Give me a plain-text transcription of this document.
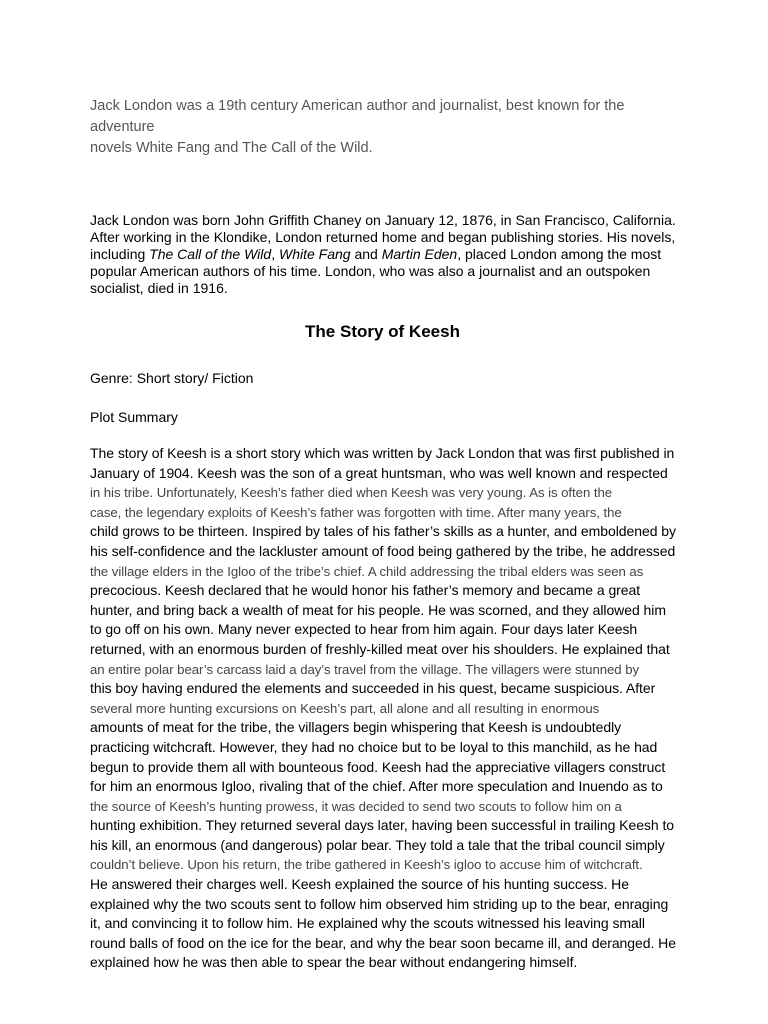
Jack London was a 19th century American author and journalist, best known for the adventure
novels White Fang and The Call of the Wild.
Jack London was born John Griffith Chaney on January 12, 1876, in San Francisco, California.
After working in the Klondike, London returned home and began publishing stories. His novels,
including The Call of the Wild, White Fang and Martin Eden, placed London among the most
popular American authors of his time. London, who was also a journalist and an outspoken
socialist, died in 1916.
The Story of Keesh
Genre: Short story/ Fiction
Plot Summary
The story of Keesh is a short story which was written by Jack London that was first published in
January of 1904. Keesh was the son of a great huntsman, who was well known and respected
in his tribe. Unfortunately, Keesh’s father died when Keesh was very young. As is often the
case, the legendary exploits of Keesh’s father was forgotten with time. After many years, the
child grows to be thirteen. Inspired by tales of his father’s skills as a hunter, and emboldened by
his self-confidence and the lackluster amount of food being gathered by the tribe, he addressed
the village elders in the Igloo of the tribe’s chief. A child addressing the tribal elders was seen as
precocious. Keesh declared that he would honor his father’s memory and became a great
hunter, and bring back a wealth of meat for his people. He was scorned, and they allowed him
to go off on his own. Many never expected to hear from him again. Four days later Keesh
returned, with an enormous burden of freshly-killed meat over his shoulders. He explained that
an entire polar bear’s carcass laid a day’s travel from the village. The villagers were stunned by
this boy having endured the elements and succeeded in his quest, became suspicious. After
several more hunting excursions on Keesh’s part, all alone and all resulting in enormous
amounts of meat for the tribe, the villagers begin whispering that Keesh is undoubtedly
practicing witchcraft. However, they had no choice but to be loyal to this manchild, as he had
begun to provide them all with bounteous food. Keesh had the appreciative villagers construct
for him an enormous Igloo, rivaling that of the chief. After more speculation and Inuendo as to
the source of Keesh’s hunting prowess, it was decided to send two scouts to follow him on a
hunting exhibition. They returned several days later, having been successful in trailing Keesh to
his kill, an enormous (and dangerous) polar bear. They told a tale that the tribal council simply
couldn’t believe. Upon his return, the tribe gathered in Keesh’s igloo to accuse him of witchcraft.
He answered their charges well. Keesh explained the source of his hunting success. He
explained why the two scouts sent to follow him observed him striding up to the bear, enraging
it, and convincing it to follow him. He explained why the scouts witnessed his leaving small
round balls of food on the ice for the bear, and why the bear soon became ill, and deranged. He
explained how he was then able to spear the bear without endangering himself.
